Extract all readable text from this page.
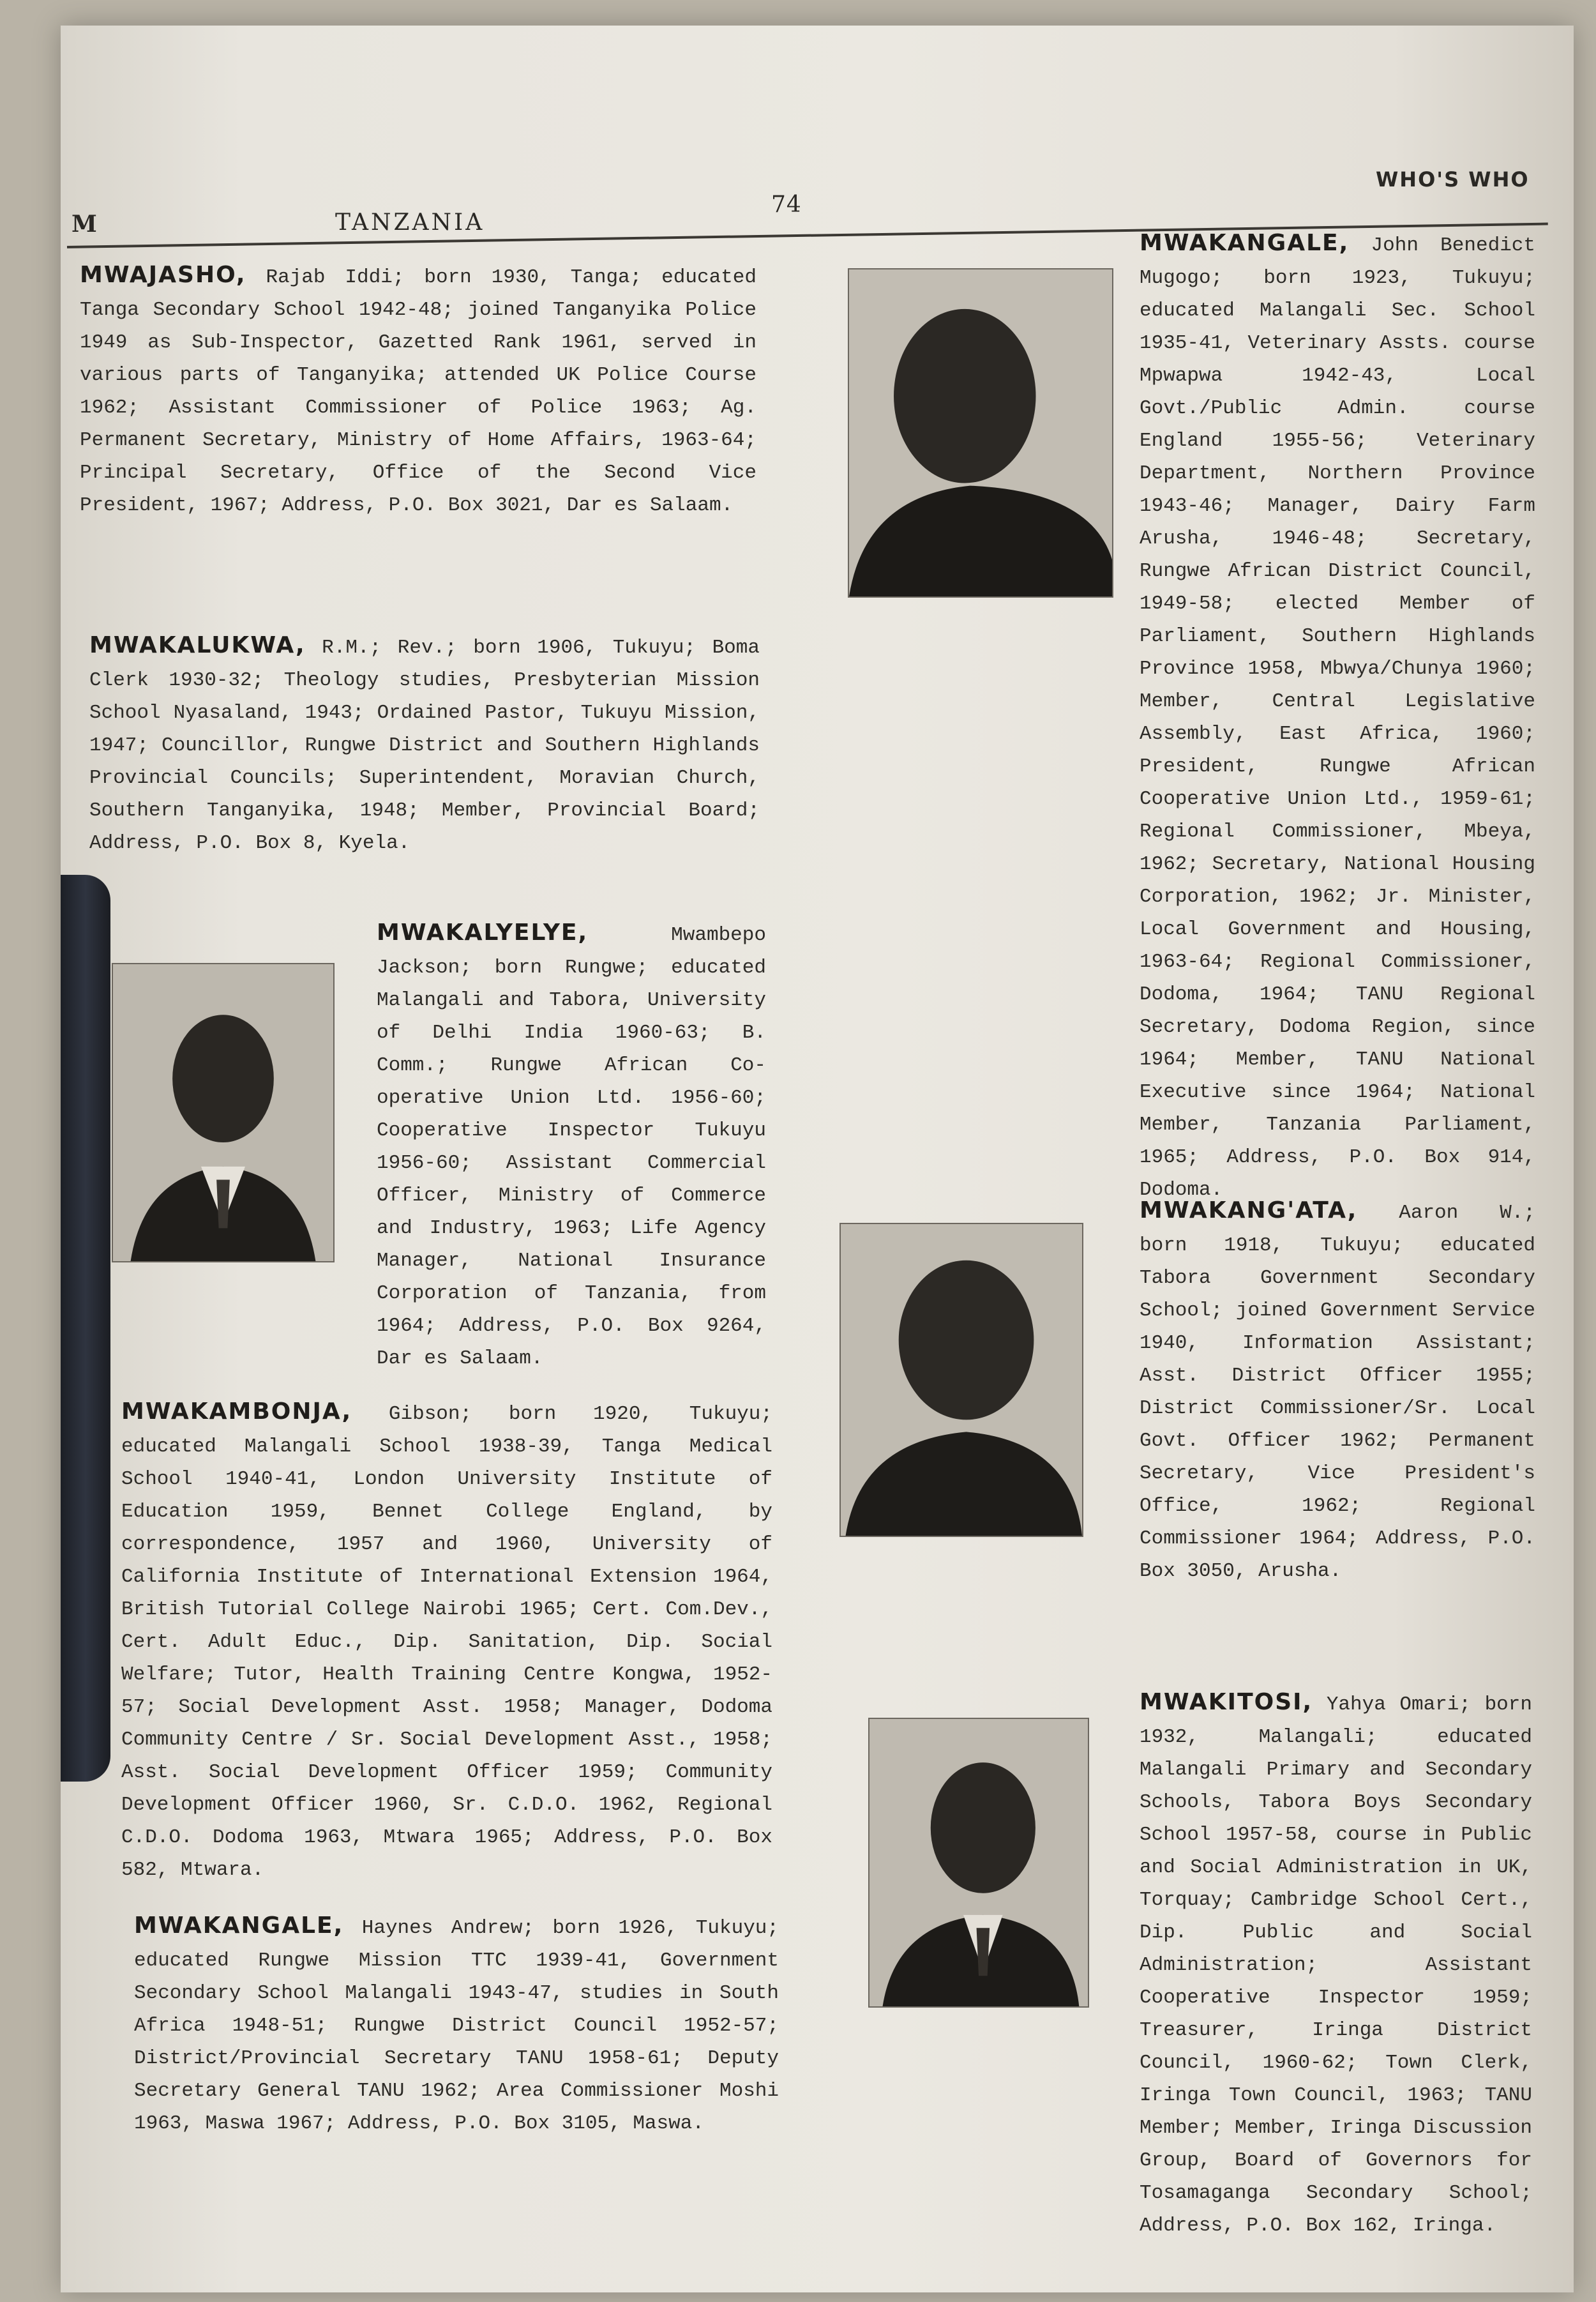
M	TANZANIA
74
WHO'S WHO
MWAJASHO, Rajab Iddi; born 1930, Tanga; educated Tanga Secondary School 1942-48; joined Tanganyika Police 1949 as Sub-Inspector, Gazetted Rank 1961, served in various parts of Tanganyika; attended UK Police Course 1962; Assistant Commissioner of Police 1963; Ag. Permanent Secretary, Ministry of Home Affairs, 1963-64; Principal Secretary, Office of the Second Vice President, 1967; Address, P.O. Box 3021, Dar es Salaam.
MWAKALUKWA, R.M.; Rev.; born 1906, Tukuyu; Boma Clerk 1930-32; Theology studies, Presbyterian Mission School Nyasaland, 1943; Ordained Pastor, Tukuyu Mission, 1947; Councillor, Rungwe District and Southern Highlands Provincial Councils; Superintendent, Moravian Church, Southern Tanganyika, 1948; Member, Provincial Board; Address, P.O. Box 8, Kyela.
MWAKALYELYE,	Mwambepo Jackson; born Rungwe; educated Malangali and Tabora, University of Delhi India 1960-63; B. Comm.; Rungwe African Co-operative Union Ltd. 1956-60; Cooperative Inspector Tukuyu 1956-60; Assistant Commercial Officer, Ministry of Commerce and Industry, 1963; Life Agency Manager, National Insurance Corporation of Tanzania, from 1964; Address, P.O. Box 9264, Dar es Salaam.
MWAKAMBONJA, Gibson; born 1920, Tukuyu; educated Malangali School 1938-39, Tanga Medical School 1940-41, London University Institute of Education 1959, Bennet College England, by correspondence, 1957 and 1960, University of California Institute of International Extension 1964, British Tutorial College Nairobi 1965; Cert. Com.Dev., Cert. Adult Educ., Dip. Sanitation, Dip. Social Welfare; Tutor, Health Training Centre Kongwa, 1952-57; Social Development Asst. 1958; Manager, Dodoma Community Centre / Sr. Social Development Asst., 1958; Asst. Social Development Officer 1959; Community Development Officer 1960, Sr. C.D.O. 1962, Regional C.D.O. Dodoma 1963, Mtwara 1965; Address, P.O. Box 582, Mtwara.
MWAKANGALE, Haynes Andrew; born 1926, Tukuyu; educated Rungwe Mission TTC 1939-41, Government Secondary School Malangali 1943-47, studies in South Africa 1948-51; Rungwe District Council 1952-57; District/Provincial Secretary TANU 1958-61; Deputy Secretary General TANU 1962; Area Commissioner Moshi 1963, Maswa 1967; Address, P.O. Box 3105, Maswa.
MWAKANGALE, John Benedict Mugogo; born 1923, Tukuyu; educated Malangali Sec. School 1935-41, Veterinary Assts. course Mpwapwa 1942-43, Local Govt./Public Admin. course England 1955-56; Veterinary Department, Northern Province 1943-46; Manager, Dairy Farm Arusha, 1946-48; Secretary, Rungwe African District Council, 1949-58; elected Member of Parliament, Southern Highlands Province 1958, Mbwya/Chunya 1960; Member, Central Legislative Assembly, East Africa, 1960; President, Rungwe African Cooperative Union Ltd., 1959-61; Regional Commissioner, Mbeya, 1962; Secretary, National Housing Corporation, 1962; Jr. Minister, Local Government and Housing, 1963-64; Regional Commissioner, Dodoma, 1964; TANU Regional Secretary, Dodoma Region, since 1964; Member, TANU National Executive since 1964; National Member, Tanzania Parliament, 1965; Address, P.O. Box 914, Dodoma.
MWAKANG'ATA, Aaron W.; born 1918, Tukuyu; educated Tabora Government Secondary School; joined Government Service 1940, Information Assistant; Asst. District Officer 1955; District Commissioner/Sr. Local Govt. Officer 1962; Permanent Secretary, Vice President's Office, 1962; Regional Commissioner 1964; Address, P.O. Box 3050, Arusha.
MWAKITOSI, Yahya Omari; born 1932, Malangali; educated Malangali Primary and Secondary Schools, Tabora Boys Secondary School 1957-58, course in Public and Social Administration in UK, Torquay; Cambridge School Cert., Dip. Public and Social Administration; Assistant Cooperative Inspector 1959; Treasurer, Iringa District Council, 1960-62; Town Clerk, Iringa Town Council, 1963; TANU Member; Member, Iringa Discussion Group, Board of Governors for Tosamaganga Secondary School; Address, P.O. Box 162, Iringa.
